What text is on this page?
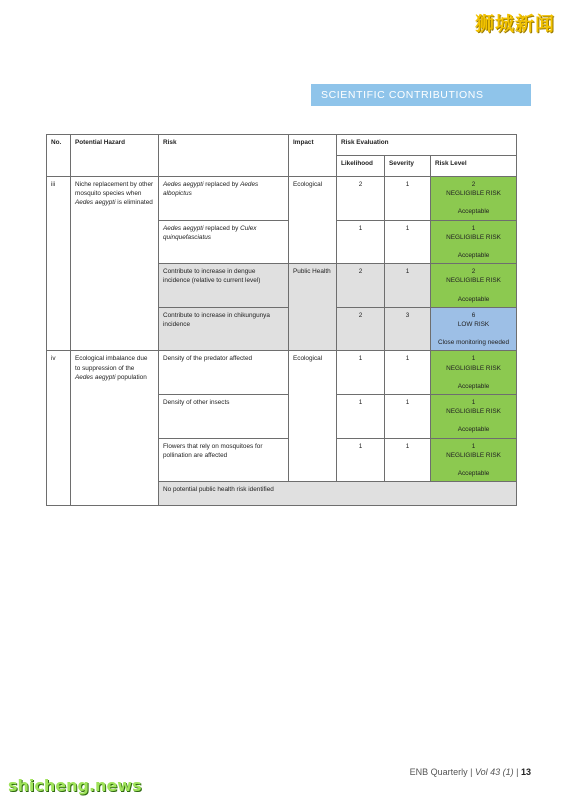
狮城新闻
SCIENTIFIC CONTRIBUTIONS
No.	Potential Hazard	Risk	Impact	Risk Evaluation		
				Likelihood	Severity	Risk Level
iii	Niche replacement by other mosquito species when Aedes aegypti is eliminated	Aedes aegypti replaced by Aedes albopictus	Ecological	2	1	2
NEGLIGIBLE RISK
Acceptable

		Aedes aegypti replaced by Culex quinquefasciatus		1	1	1
NEGLIGIBLE RISK
Acceptable

		Contribute to increase in dengue incidence (relative to current level)	Public Health	2	1	2
NEGLIGIBLE RISK
Acceptable

		Contribute to increase in chikungunya incidence		2	3	6
LOW RISK
Close monitoring needed

iv	Ecological imbalance due to suppression of the Aedes aegypti population	Density of the predator affected	Ecological	1	1	1
NEGLIGIBLE RISK
Acceptable

		Density of other insects		1	1	1
NEGLIGIBLE RISK
Acceptable

		Flowers that rely on mosquitoes for pollination are affected		1	1	1
NEGLIGIBLE RISK
Acceptable

		No potential public health risk identified				
ENB Quarterly | Vol 43 (1) | 13
shicheng.news
